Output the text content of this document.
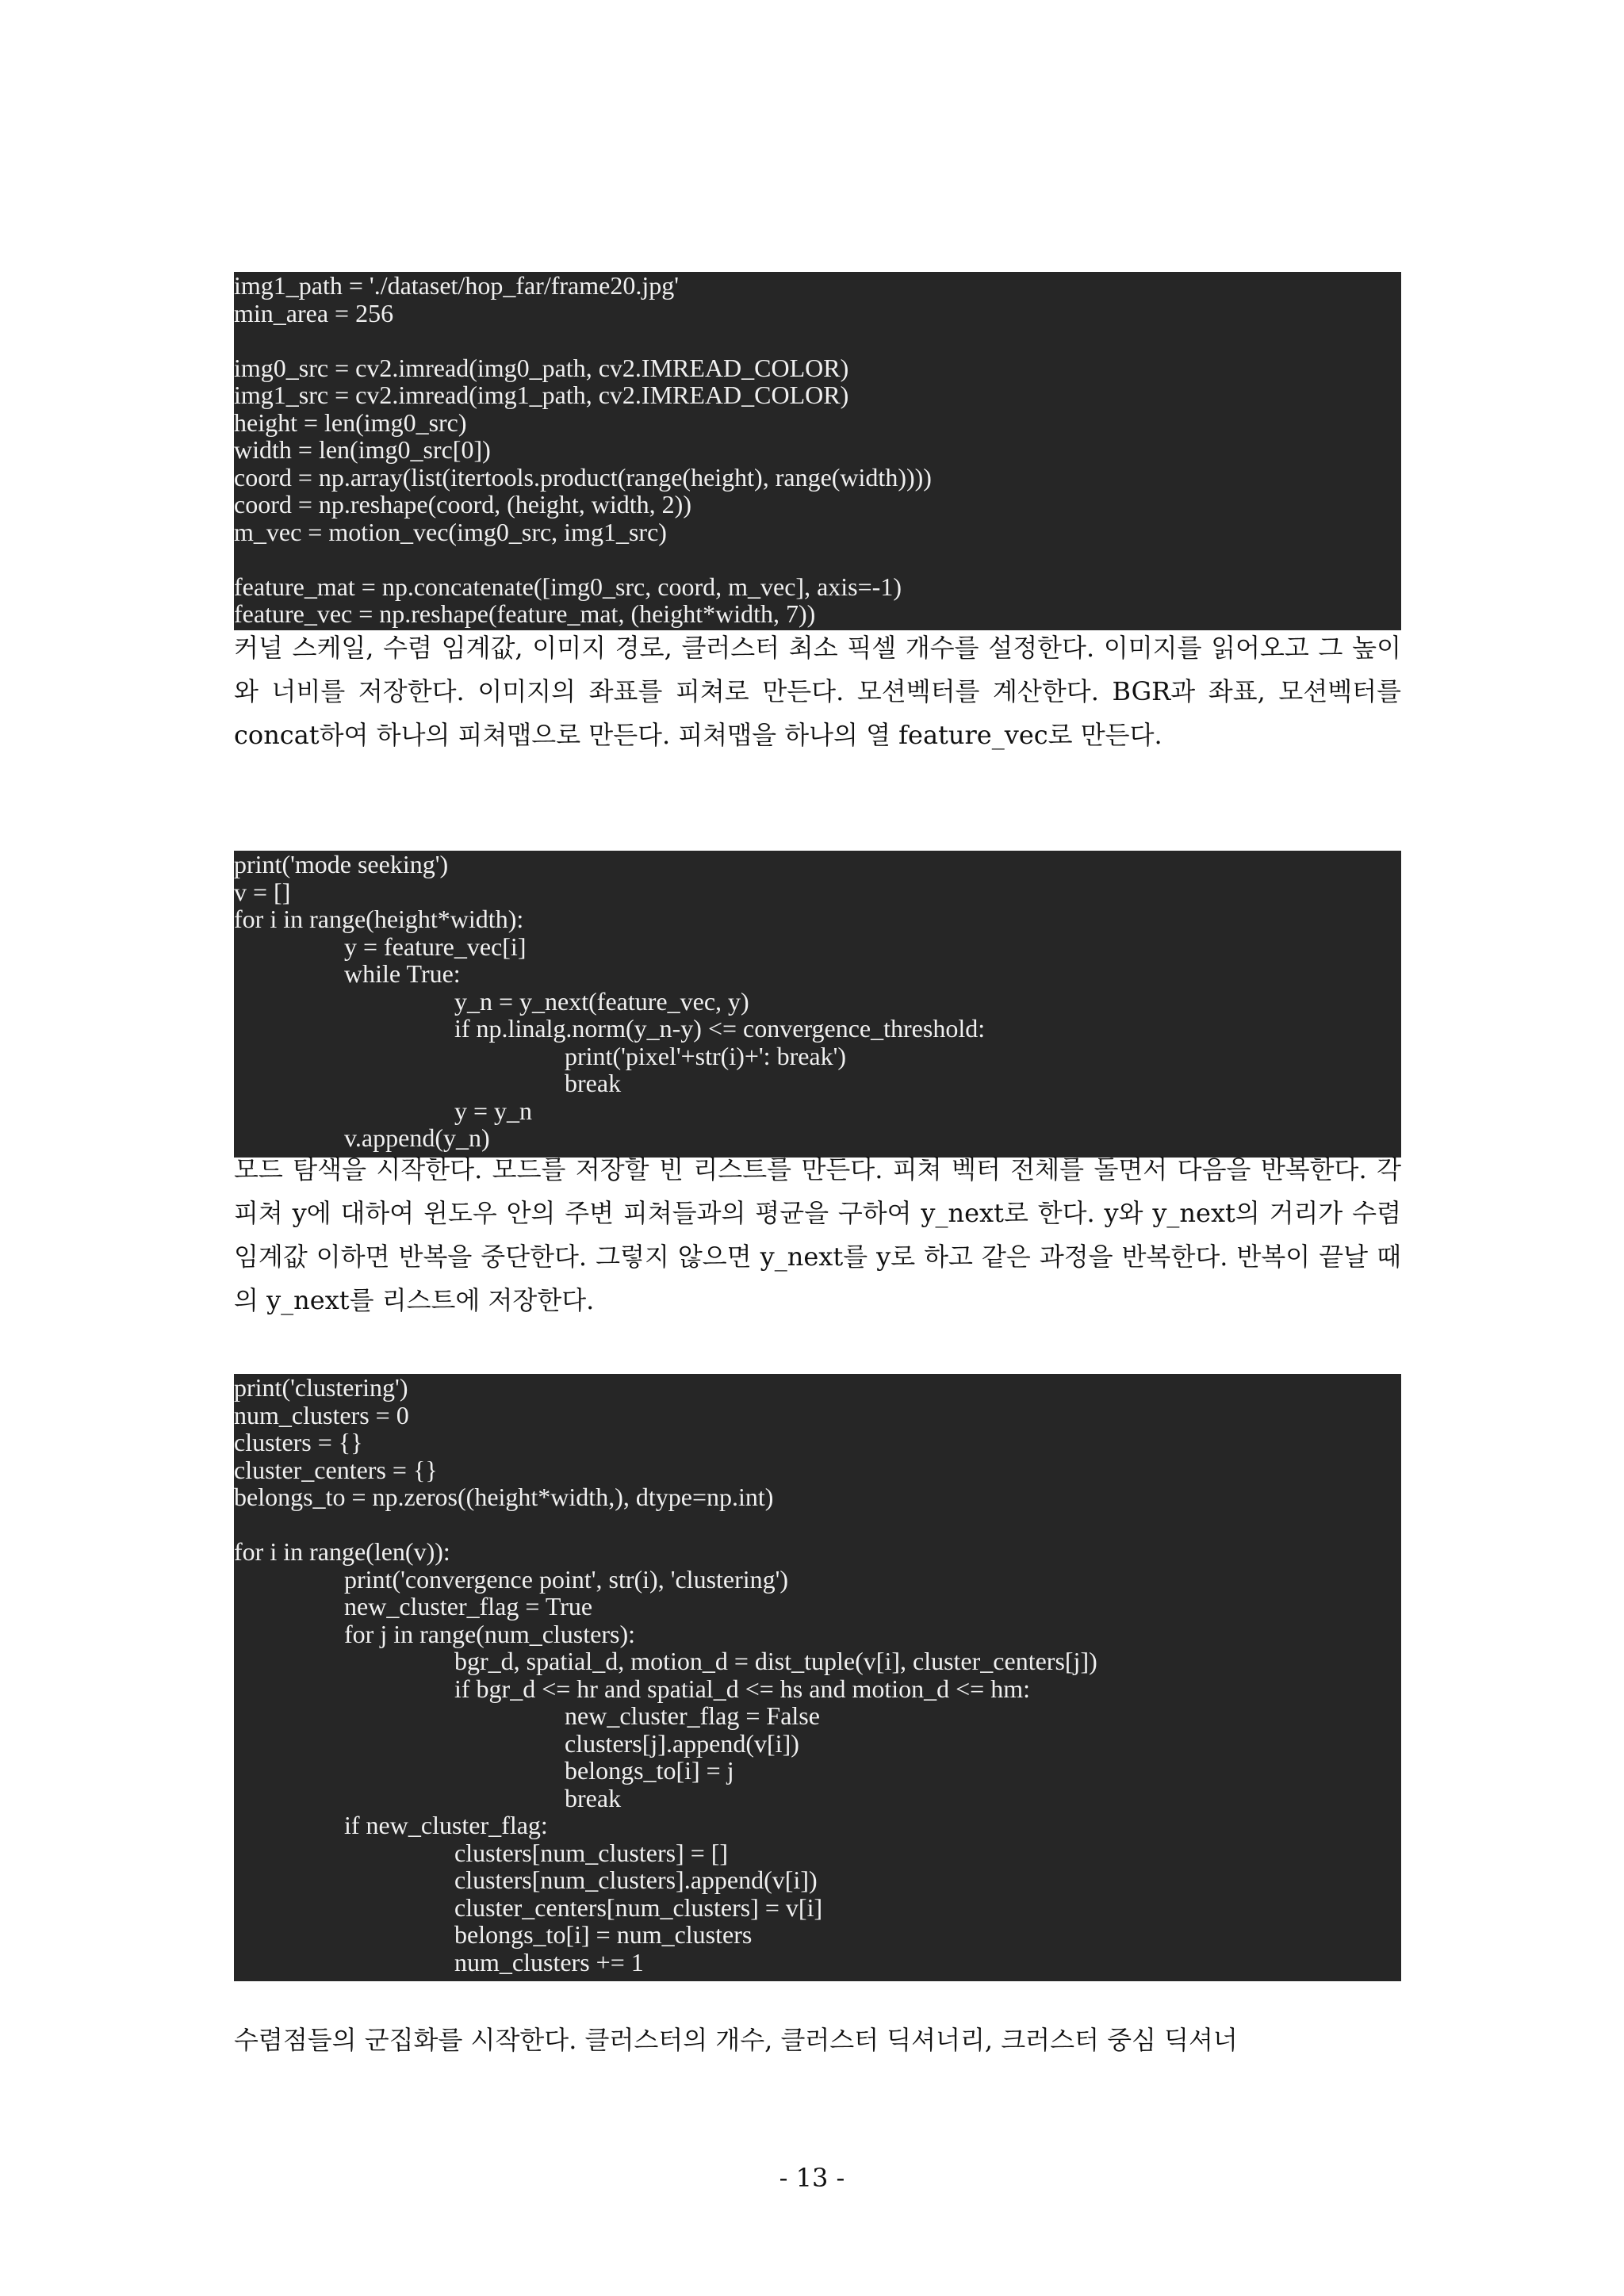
img1_path = './dataset/hop_far/frame20.jpg'
min_area = 256
img0_src = cv2.imread(img0_path, cv2.IMREAD_COLOR)
img1_src = cv2.imread(img1_path, cv2.IMREAD_COLOR)
height = len(img0_src)
width = len(img0_src[0])
coord = np.array(list(itertools.product(range(height), range(width))))
coord = np.reshape(coord, (height, width, 2))
m_vec = motion_vec(img0_src, img1_src)
feature_mat = np.concatenate([img0_src, coord, m_vec], axis=-1)
feature_vec = np.reshape(feature_mat, (height*width, 7))
커널 스케일, 수렴 임계값, 이미지 경로, 클러스터 최소 픽셀 개수를 설정한다. 이미지를 읽어오고 그 높이와 너비를 저장한다. 이미지의 좌표를 피쳐로 만든다. 모션벡터를 계산한다. BGR과 좌표, 모션벡터를 concat하여 하나의 피쳐맵으로 만든다. 피쳐맵을 하나의 열 feature_vec로 만든다.
print('mode seeking')
v = []
for i in range(height*width):
y = feature_vec[i]
while True:
y_n = y_next(feature_vec, y)
if np.linalg.norm(y_n-y) <= convergence_threshold:
print('pixel'+str(i)+': break')
break
y = y_n
v.append(y_n)
모드 탐색을 시작한다. 모드를 저장할 빈 리스트를 만든다. 피쳐 벡터 전체를 돌면서 다음을 반복한다. 각 피쳐 y에 대하여 윈도우 안의 주변 피쳐들과의 평균을 구하여 y_next로 한다. y와 y_next의 거리가 수렴 임계값 이하면 반복을 중단한다. 그렇지 않으면 y_next를 y로 하고 같은 과정을 반복한다. 반복이 끝날 때의 y_next를 리스트에 저장한다.
print('clustering')
num_clusters = 0
clusters = {}
cluster_centers = {}
belongs_to = np.zeros((height*width,), dtype=np.int)
for i in range(len(v)):
print('convergence point', str(i), 'clustering')
new_cluster_flag = True
for j in range(num_clusters):
bgr_d, spatial_d, motion_d = dist_tuple(v[i], cluster_centers[j])
if bgr_d <= hr and spatial_d <= hs and motion_d <= hm:
new_cluster_flag = False
clusters[j].append(v[i])
belongs_to[i] = j
break
if new_cluster_flag:
clusters[num_clusters] = []
clusters[num_clusters].append(v[i])
cluster_centers[num_clusters] = v[i]
belongs_to[i] = num_clusters
num_clusters += 1
수렴점들의 군집화를 시작한다. 클러스터의 개수, 클러스터 딕셔너리, 크러스터 중심 딕셔너
- 13 -
